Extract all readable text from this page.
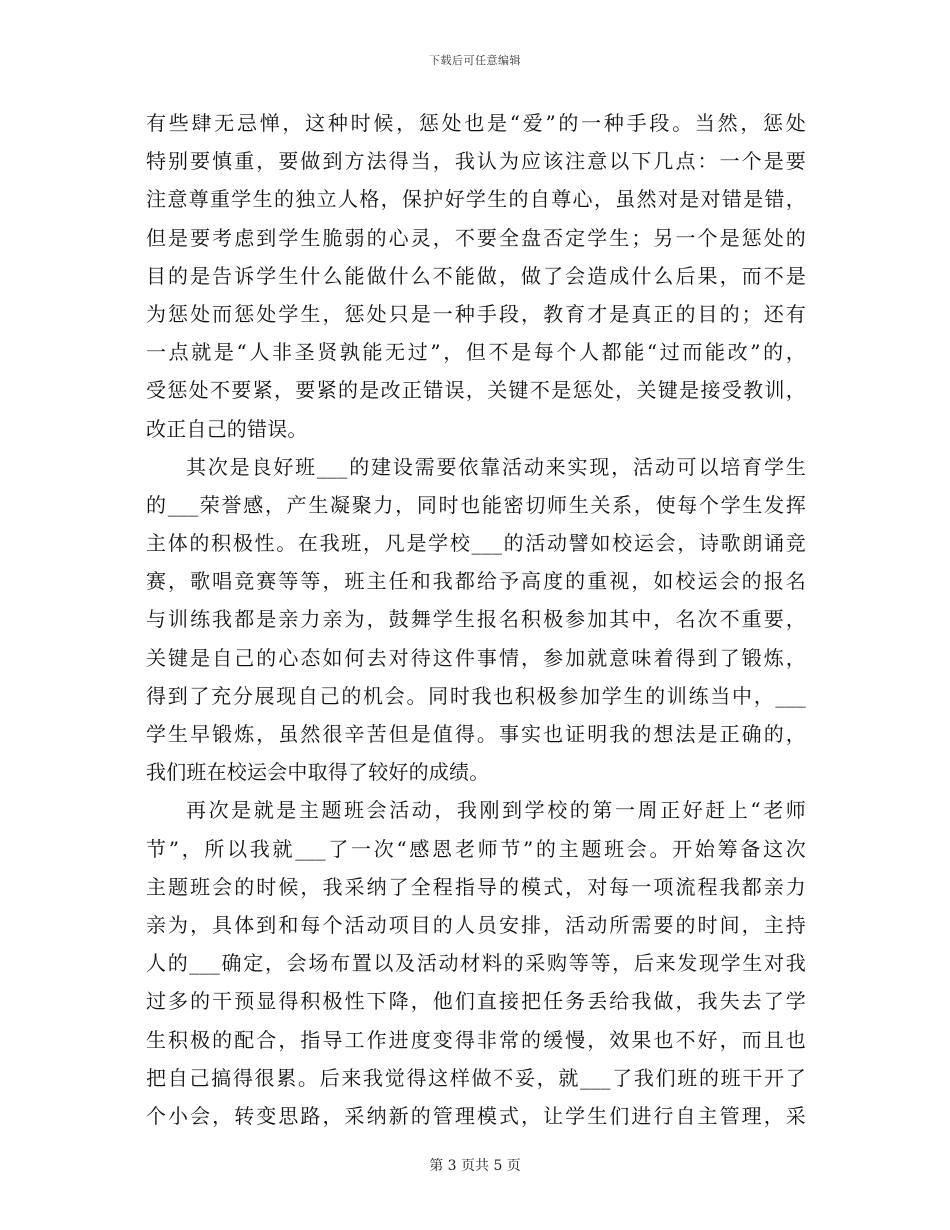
下载后可任意编辑
有些肆无忌惮，这种时候，惩处也是“爱”的一种手段。当然，惩处
特别要慎重，要做到方法得当，我认为应该注意以下几点：一个是要
注意尊重学生的独立人格，保护好学生的自尊心，虽然对是对错是错，
但是要考虑到学生脆弱的心灵，不要全盘否定学生；另一个是惩处的
目的是告诉学生什么能做什么不能做，做了会造成什么后果，而不是
为惩处而惩处学生，惩处只是一种手段，教育才是真正的目的；还有
一点就是“人非圣贤孰能无过”，但不是每个人都能“过而能改”的，
受惩处不要紧，要紧的是改正错误，关键不是惩处，关键是接受教训，
改正自己的错误。
其次是良好班___的建设需要依靠活动来实现，活动可以培育学生
的___荣誉感，产生凝聚力，同时也能密切师生关系，使每个学生发挥
主体的积极性。在我班，凡是学校___的活动譬如校运会，诗歌朗诵竞
赛，歌唱竞赛等等，班主任和我都给予高度的重视，如校运会的报名
与训练我都是亲力亲为，鼓舞学生报名积极参加其中，名次不重要，
关键是自己的心态如何去对待这件事情，参加就意味着得到了锻炼，
得到了充分展现自己的机会。同时我也积极参加学生的训练当中，___
学生早锻炼，虽然很辛苦但是值得。事实也证明我的想法是正确的，
我们班在校运会中取得了较好的成绩。
再次是就是主题班会活动，我刚到学校的第一周正好赶上“老师
节”，所以我就___了一次“感恩老师节”的主题班会。开始筹备这次
主题班会的时候，我采纳了全程指导的模式，对每一项流程我都亲力
亲为，具体到和每个活动项目的人员安排，活动所需要的时间，主持
人的___确定，会场布置以及活动材料的采购等等，后来发现学生对我
过多的干预显得积极性下降，他们直接把任务丢给我做，我失去了学
生积极的配合，指导工作进度变得非常的缓慢，效果也不好，而且也
把自己搞得很累。后来我觉得这样做不妥，就___了我们班的班干开了
个小会，转变思路，采纳新的管理模式，让学生们进行自主管理，采
第 3 页共 5 页
